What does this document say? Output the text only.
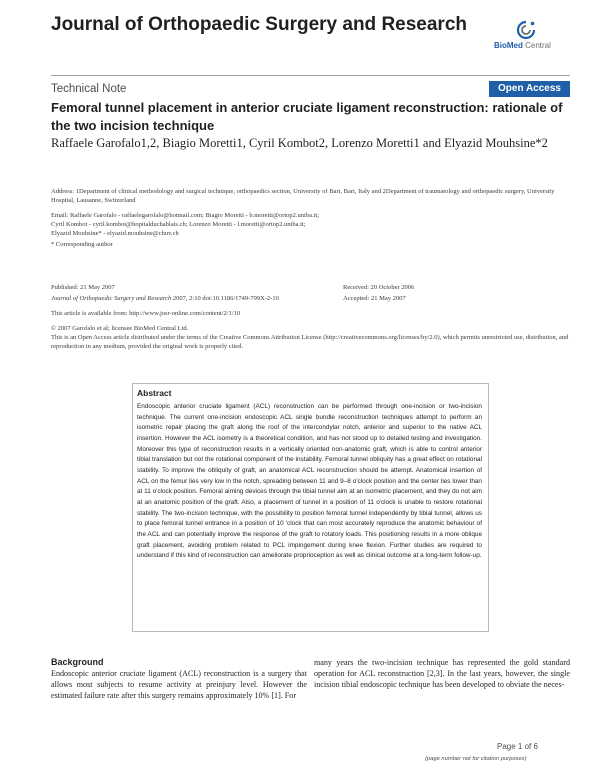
Journal of Orthopaedic Surgery and Research
BioMed Central
Technical Note	Open Access
Femoral tunnel placement in anterior cruciate ligament reconstruction: rationale of the two incision technique
Raffaele Garofalo1,2, Biagio Moretti1, Cyril Kombot2, Lorenzo Moretti1 and Elyazid Mouhsine*2
Address: 1Department of clinical methodology and surgical technique, orthopaedics section, University of Bari, Bari, Italy and 2Department of traumatology and orthopaedic surgery, University Hospital, Lausanne, Switzerland
Email: Raffaele Garofalo - raffaelegarofalo@hotmail.com; Biagio Moretti - b.moretti@ortop2.uniba.it;
Cyril Kombot - cyril.kombot@hopitalduchablais.ch; Lorenzo Moretti - l.moretti@ortop2.uniba.it;
Elyazid Mouhsine* - elyazid.mouhsine@chuv.ch
* Corresponding author
Published: 21 May 2007
Journal of Orthopaedic Surgery and Research 2007, 2:10 doi:10.1186/1749-799X-2-10
Received: 20 October 2006
Accepted: 21 May 2007
This article is available from: http://www.josr-online.com/content/2/1/10
© 2007 Garofalo et al; licensee BioMed Central Ltd.
This is an Open Access article distributed under the terms of the Creative Commons Attribution License (http://creativecommons.org/licenses/by/2.0), which permits unrestricted use, distribution, and reproduction in any medium, provided the original work is properly cited.
Abstract
Endoscopic anterior cruciate ligament (ACL) reconstruction can be performed through one-incision or two-incision technique. The current one-incision endoscopic ACL single bundle reconstruction techniques attempt to perform an isometric repair placing the graft along the roof of the intercondylar notch, anterior and superior to the native ACL insertion. However the ACL isometry is a theoretical condition, and has not stood up to detailed testing and investigation. Moreover this type of reconstruction results in a vertically oriented non-anatomic graft, which is able to control anterior tibial translation but not the rotational component of the instability. Femoral tunnel obliquity has a great effect on rotational stability. To improve the obliquity of graft, an anatomical ACL reconstruction should be attempt. Anatomical insertion of ACL on the femur lies very low in the notch, spreading between 11 and 9–8 o'clock position and the center lies lower than at 11 o'clock position. Femoral aiming devices through the tibial tunnel aim at an isometric placement, and they do not aim at an anatomic position of the graft. Also, a placement of tunnel in a position of 11 o'clock is unable to restore rotational stability. The two-incision technique, with the possibility to position femoral tunnel independently by tibial tunnel, allows us to place femoral tunnel entrance in a position of 10 'clock that can most accurately reproduce the anatomic behaviour of the ACL and can potentially improve the response of the graft to rotatory loads. This positioning results in a more oblique graft placement, avoiding problem related to PCL impingement during knee flexion. Further studies are required to understand if this kind of reconstruction can ameliorate proprioception as well as clinical outcome at a long-term follow-up.
Background
Endoscopic anterior cruciate ligament (ACL) reconstruction is a surgery that allows most subjects to resume activity at preinjury level. However the estimated failure rate after this surgery remains approximately 10% [1]. For
many years the two-incision technique has represented the gold standard operation for ACL reconstruction [2,3]. In the last years, however, the single incision tibial endoscopic technique has been developed to obviate the neces-
Page 1 of 6
(page number not for citation purposes)
